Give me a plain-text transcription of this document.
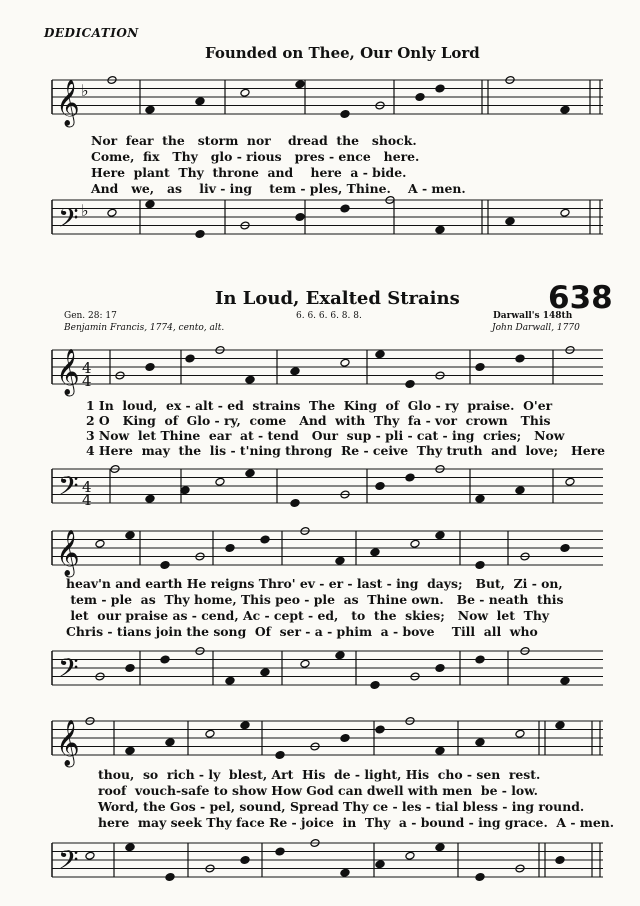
DEDICATION
Founded on Thee, Our Only Lord
In Loud, Exalted Strains	638
Gen. 28: 17	6. 6. 6. 6. 8. 8.	Darwall's 148th
Benjamin Francis, 1774, cento, alt.	John Darwall, 1770
𝄞
𝄢
♭
♭
𝄞
𝄢
4
4
4
4
𝄞
𝄢
𝄞
𝄢
Nor  fear  the   storm  nor    dread  the   shock.
Come,  fix   Thy   glo - rious   pres - ence   here.
Here  plant  Thy  throne  and    here  a - bide.
And   we,   as    liv - ing    tem - ples, Thine.    A - men.
1 In  loud,  ex - alt - ed  strains  The  King  of  Glo - ry  praise.  O'er
2 O   King  of  Glo - ry,  come   And  with  Thy  fa - vor  crown   This
3 Now  let Thine  ear  at - tend   Our  sup - pli - cat - ing  cries;   Now
4 Here  may  the  lis - t'ning throng  Re - ceive  Thy truth  and  love;   Here
heav'n and earth He reigns Thro' ev - er - last - ing  days;   But,  Zi - on,
tem - ple  as  Thy home, This peo - ple  as  Thine own.   Be - neath  this
let  our praise as - cend, Ac - cept - ed,   to  the  skies;   Now  let  Thy
Chris - tians join the song  Of  ser - a - phim  a - bove    Till  all  who
thou,  so  rich - ly  blest, Art  His  de - light, His  cho - sen  rest.
roof  vouch-safe to show How God can dwell with men  be - low.
Word, the Gos - pel, sound, Spread Thy ce - les - tial bless - ing round.
here  may seek Thy face Re - joice  in  Thy  a - bound - ing grace.  A - men.
